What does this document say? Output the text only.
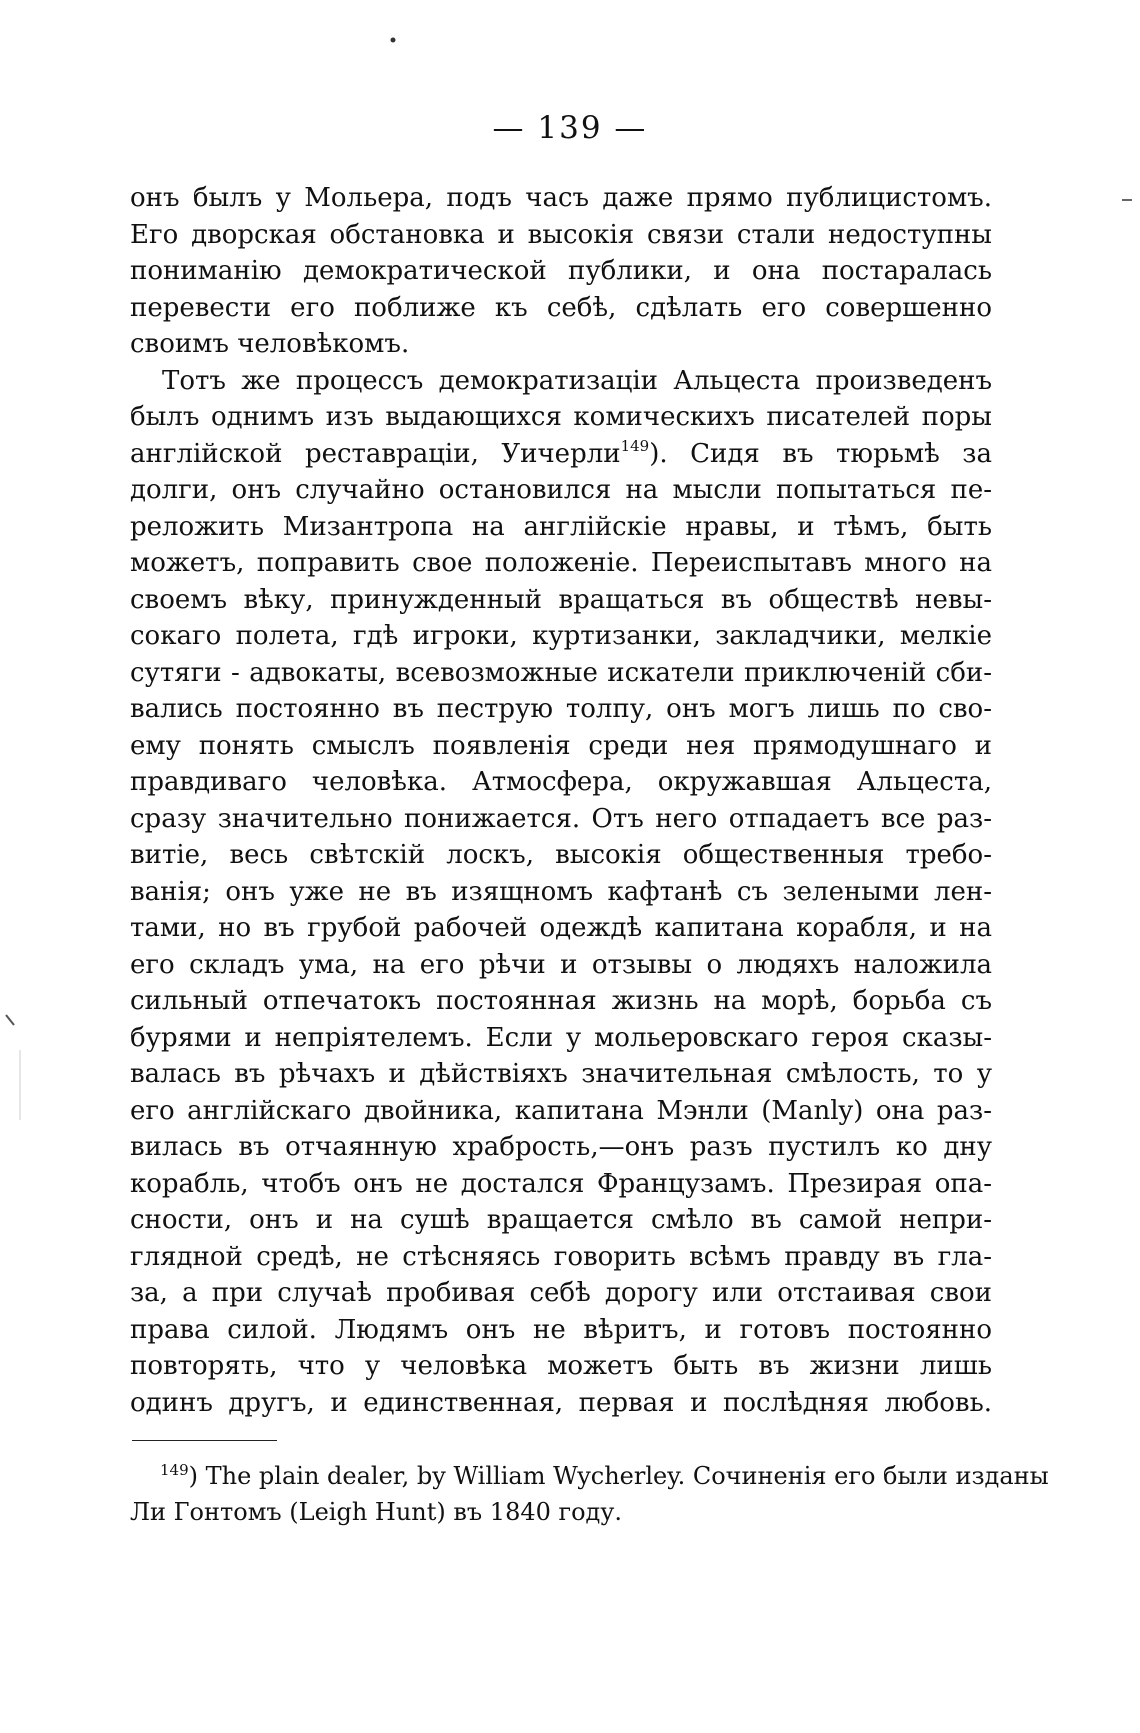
— 139 —
онъ былъ у Мольера, подъ часъ даже прямо публицистомъ.
Его дворская обстановка и высокія связи стали недоступны
пониманію демократической публики, и она постаралась
перевести его поближе къ себѣ, сдѣлать его совершенно
своимъ человѣкомъ.
Тотъ же процессъ демократизаціи Альцеста произведенъ
былъ однимъ изъ выдающихся комическихъ писателей поры
англійской реставраціи, Уичерли$^{149}$). Сидя въ тюрьмѣ за
долги, онъ случайно остановился на мысли попытаться пе-
реложить Мизантропа на англійскіе нравы, и тѣмъ, быть
можетъ, поправить свое положеніе. Переиспытавъ много на
своемъ вѣку, принужденный вращаться въ обществѣ невы-
сокаго полета, гдѣ игроки, куртизанки, закладчики, мелкіе
сутяги - адвокаты, всевозможные искатели приключеній сби-
вались постоянно въ пеструю толпу, онъ могъ лишь по сво-
ему понять смыслъ появленія среди нея прямодушнаго и
правдиваго человѣка. Атмосфера, окружавшая Альцеста,
сразу значительно понижается. Отъ него отпадаетъ все раз-
витіе, весь свѣтскій лоскъ, высокія общественныя требо-
ванія; онъ уже не въ изящномъ кафтанѣ съ зелеными лен-
тами, но въ грубой рабочей одеждѣ капитана корабля, и на
его складъ ума, на его рѣчи и отзывы о людяхъ наложила
сильный отпечатокъ постоянная жизнь на морѣ, борьба съ
бурями и непріятелемъ. Если у мольеровскаго героя сказы-
валась въ рѣчахъ и дѣйствіяхъ значительная смѣлость, то у
его англійскаго двойника, капитана Мэнли (Manly) она раз-
вилась въ отчаянную храбрость,—онъ разъ пустилъ ко дну
корабль, чтобъ онъ не достался Французамъ. Презирая опа-
сности, онъ и на сушѣ вращается смѣло въ самой непри-
глядной средѣ, не стѣсняясь говорить всѣмъ правду въ гла-
за, а при случаѣ пробивая себѣ дорогу или отстаивая свои
права силой. Людямъ онъ не вѣритъ, и готовъ постоянно
повторять, что у человѣка можетъ быть въ жизни лишь
одинъ другъ, и единственная, первая и послѣдняя любовь.
$^{149}$) The plain dealer, by William Wycherley. Сочиненія его были изданы
Ли Гонтомъ (Leigh Hunt) въ 1840 году.
